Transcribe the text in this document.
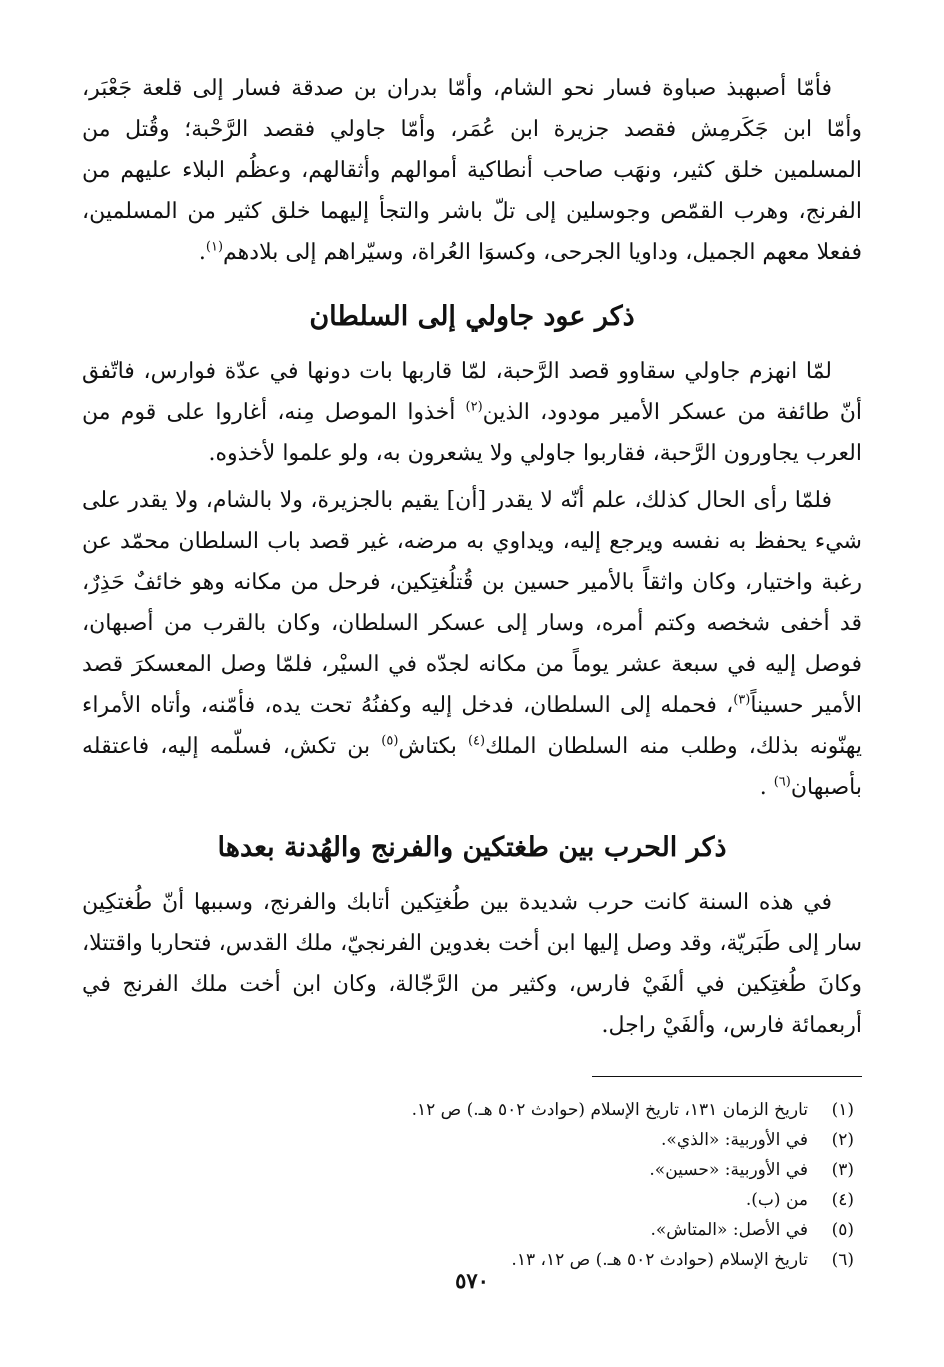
فأمّا أصبهبذ صباوة فسار نحو الشام، وأمّا بدران بن صدقة فسار إلى قلعة جَعْبَر، وأمّا ابن جَكَرمِش فقصد جزيرة ابن عُمَر، وأمّا جاولي فقصد الرَّحْبة؛ وقُتل من المسلمين خلق كثير، ونهَب صاحب أنطاكية أموالهم وأثقالهم، وعظُم البلاء عليهم من الفرنج، وهرب القمّص وجوسلين إلى تلّ باشر والتجأ إليهما خلق كثير من المسلمين، ففعلا معهم الجميل، وداويا الجرحى، وكسوَا العُراة، وسيّراهم إلى بلادهم$^{(١)}$.

ذكر عود جاولي إلى السلطان

لمّا انهزم جاولي سقاوو قصد الرَّحبة، لمّا قاربها بات دونها في عدّة فوارس، فاتّفق أنّ طائفة من عسكر الأمير مودود، الذين$^{(٢)}$ أخذوا الموصل مِنه، أغاروا على قوم من العرب يجاورون الرَّحبة، فقاربوا جاولي ولا يشعرون به، ولو علموا لأخذوه.

فلمّا رأى الحال كذلك، علم أنّه لا يقدر [أن] يقيم بالجزيرة، ولا بالشام، ولا يقدر على شيء يحفظ به نفسه ويرجع إليه، ويداوي به مرضه، غير قصد باب السلطان محمّد عن رغبة واختيار، وكان واثقاً بالأمير حسين بن قُتلُغتِكين، فرحل من مكانه وهو خائفٌ حَذِرٌ، قد أخفى شخصه وكتم أمره، وسار إلى عسكر السلطان، وكان بالقرب من أصبهان، فوصل إليه في سبعة عشر يوماً من مكانه لجدّه في السيْر، فلمّا وصل المعسكرَ قصد الأمير حسيناً$^{(٣)}$، فحمله إلى السلطان، فدخل إليه وكفنُهُ تحت يده، فأمّنه، وأتاه الأمراء يهنّونه بذلك، وطلب منه السلطان الملك$^{(٤)}$ بكتاش$^{(٥)}$ بن تكش، فسلّمه إليه، فاعتقله بأصبهان$^{(٦)}$ .

ذكر الحرب بين طغتكين والفرنج والهُدنة بعدها

في هذه السنة كانت حرب شديدة بين طُغتِكين أتابك والفرنج، وسببها أنّ طُغتكِين سار إلى طَبَريّة، وقد وصل إليها ابن أخت بغدوين الفرنجيّ، ملك القدس، فتحاربا واقتتلا، وكانَ طُغتِكين في ألفَيْ فارس، وكثير من الرَّجّالة، وكان ابن أخت ملك الفرنج في أربعمائة فارس، وألفَيْ راجل.

(١)
تاريخ الزمان ١٣١، تاريخ الإسلام (حوادث ٥٠٢ هـ.) ص ١٢.
(٢)
في الأوربية: «الذي».
(٣)
في الأوربية: «حسين».
(٤)
من (ب).
(٥)
في الأصل: «المتاش».
(٦)
تاريخ الإسلام (حوادث ٥٠٢ هـ.) ص ١٢، ١٣.
٥٧٠
